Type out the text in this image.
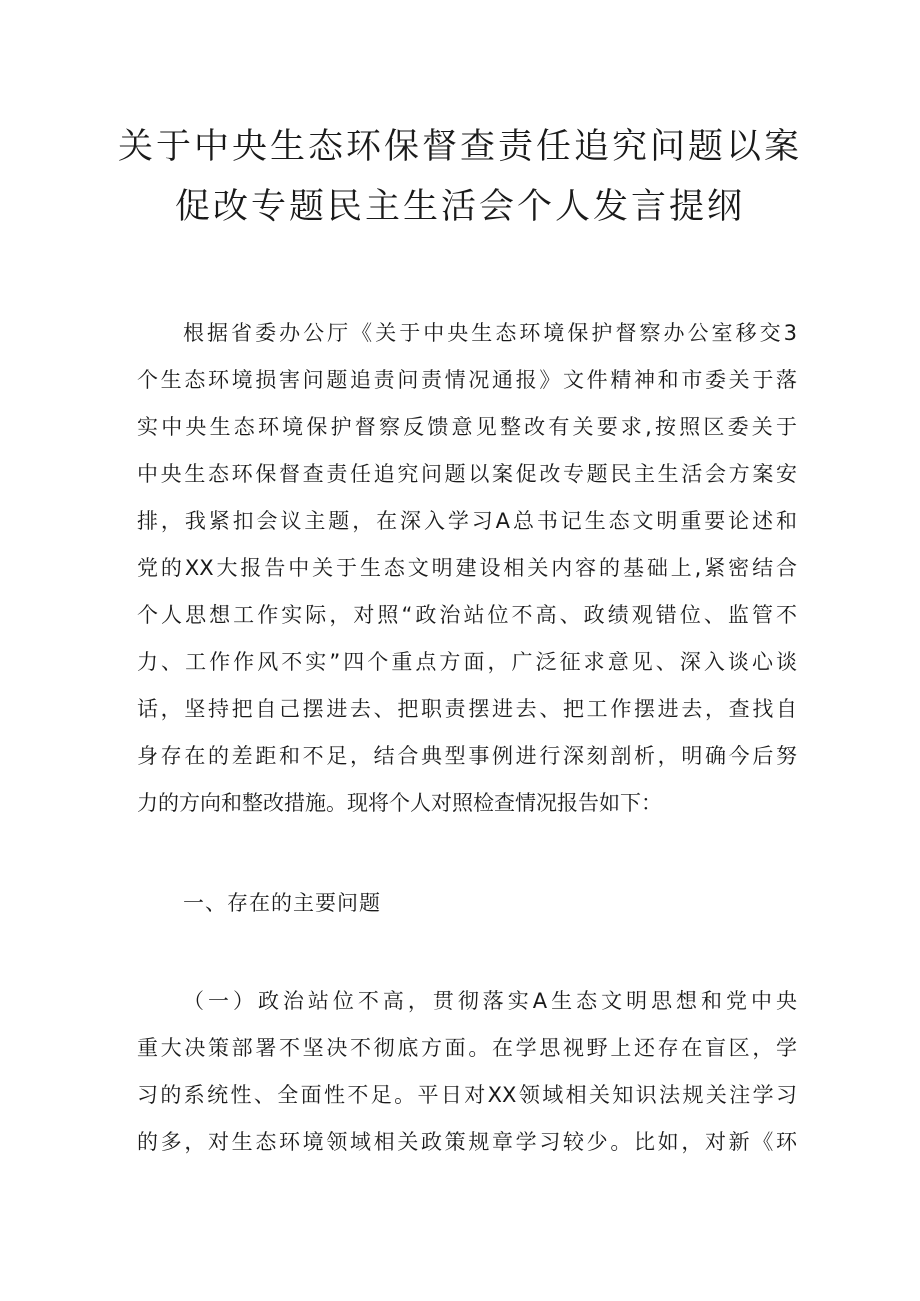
关于中央生态环保督查责任追究问题以案
促改专题民主生活会个人发言提纲
根据省委办公厅《关于中央生态环境保护督察办公室移交3
个生态环境损害问题追责问责情况通报》文件精神和市委关于落
实中央生态环境保护督察反馈意见整改有关要求,按照区委关于
中央生态环保督查责任追究问题以案促改专题民主生活会方案安
排，我紧扣会议主题，在深入学习A总书记生态文明重要论述和
党的XX大报告中关于生态文明建设相关内容的基础上,紧密结合
个人思想工作实际，对照“政治站位不高、政绩观错位、监管不
力、工作作风不实”四个重点方面，广泛征求意见、深入谈心谈
话，坚持把自己摆进去、把职责摆进去、把工作摆进去，查找自
身存在的差距和不足，结合典型事例进行深刻剖析，明确今后努
力的方向和整改措施。现将个人对照检查情况报告如下：
一、存在的主要问题
（一）政治站位不高，贯彻落实A生态文明思想和党中央
重大决策部署不坚决不彻底方面。在学思视野上还存在盲区，学
习的系统性、全面性不足。平日对XX领域相关知识法规关注学习
的多，对生态环境领域相关政策规章学习较少。比如，对新《环
